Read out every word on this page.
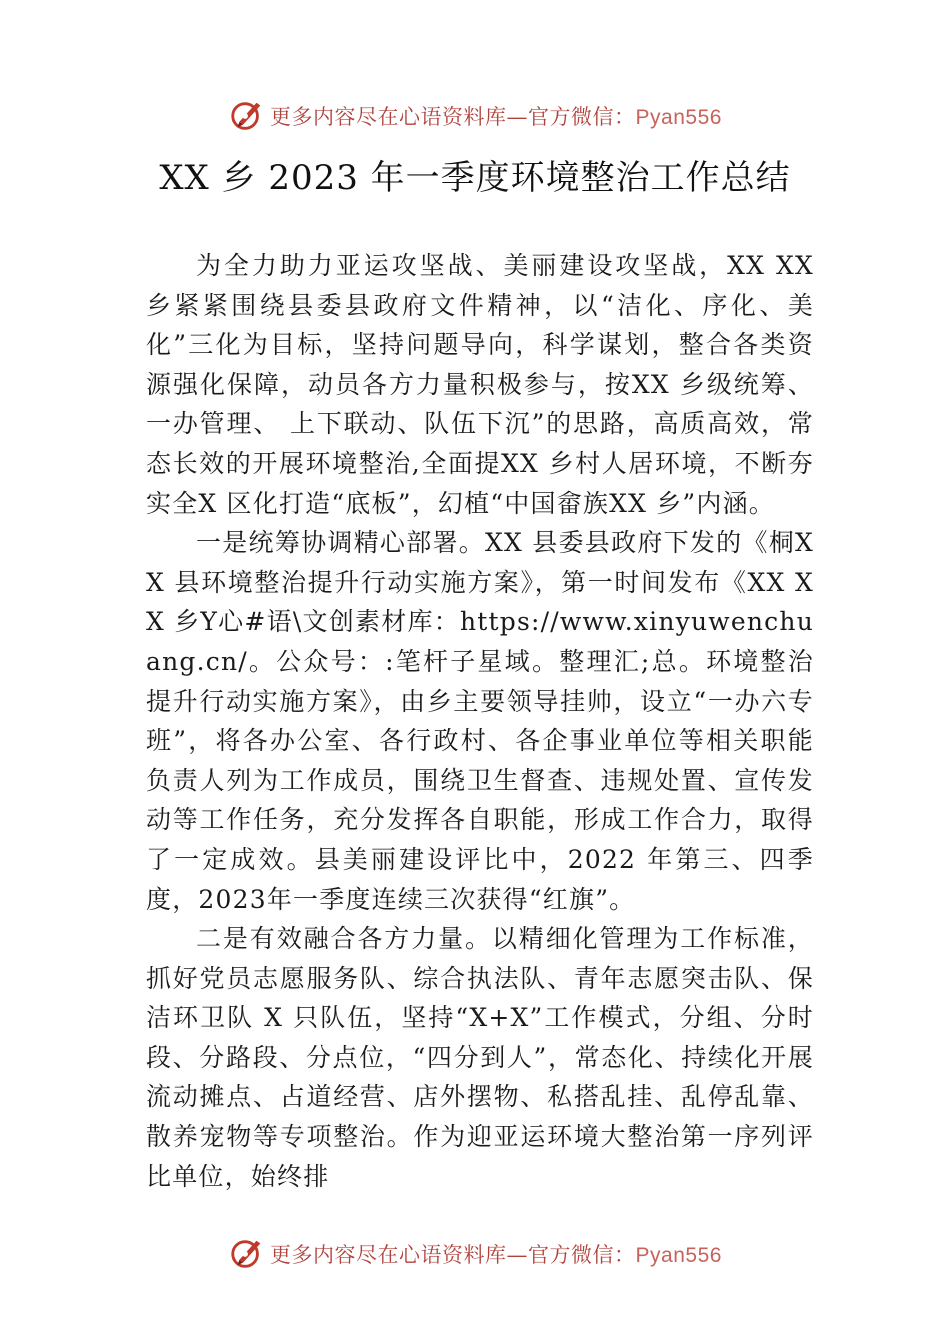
更多内容尽在心语资料库—官方微信：Pyan556
XX 乡 2023 年一季度环境整治工作总结

为全力助力亚运攻坚战、美丽建设攻坚战，XX XX 乡紧紧围绕县委县政府文件精神，以“洁化、序化、美化”三化为目标，坚持问题导向，科学谋划，整合各类资源强化保障，动员各方力量积极参与，按XX 乡级统筹、一办管理、 上下联动、队伍下沉”的思路，高质高效，常态长效的开展环境整治,全面提XX 乡村人居环境，不断夯实全X 区化打造“底板”，幻植“中国畲族XX 乡”内涵。

一是统筹协调精心部署。XX 县委县政府下发的《桐XX 县环境整治提升行动实施方案》，第一时间发布《XX XX 乡Y心#语\文创素材库：https://www.xinyuwenchuang.cn/。公众号：:笔杆子星域。整理汇;总。环境整治提升行动实施方案》，由乡主要领导挂帅，设立“一办六专班”，将各办公室、各行政村、各企事业单位等相关职能负责人列为工作成员，围绕卫生督查、违规处置、宣传发 动等工作任务，充分发挥各自职能，形成工作合力，取得了一定成效。县美丽建设评比中，2022 年第三、四季度，2023年一季度连续三次获得“红旗”。

二是有效融合各方力量。以精细化管理为工作标准，抓好党员志愿服务队、综合执法队、青年志愿突击队、保洁环卫队 X 只队伍，坚持“X+X”工作模式，分组、分时段、分路段、分点位，“四分到人”，常态化、持续化开展流动摊点、占道经营、店外摆物、私搭乱挂、乱停乱靠、散养宠物等专项整治。作为迎亚运环境大整治第一序列评比单位，始终排

更多内容尽在心语资料库—官方微信：Pyan556
